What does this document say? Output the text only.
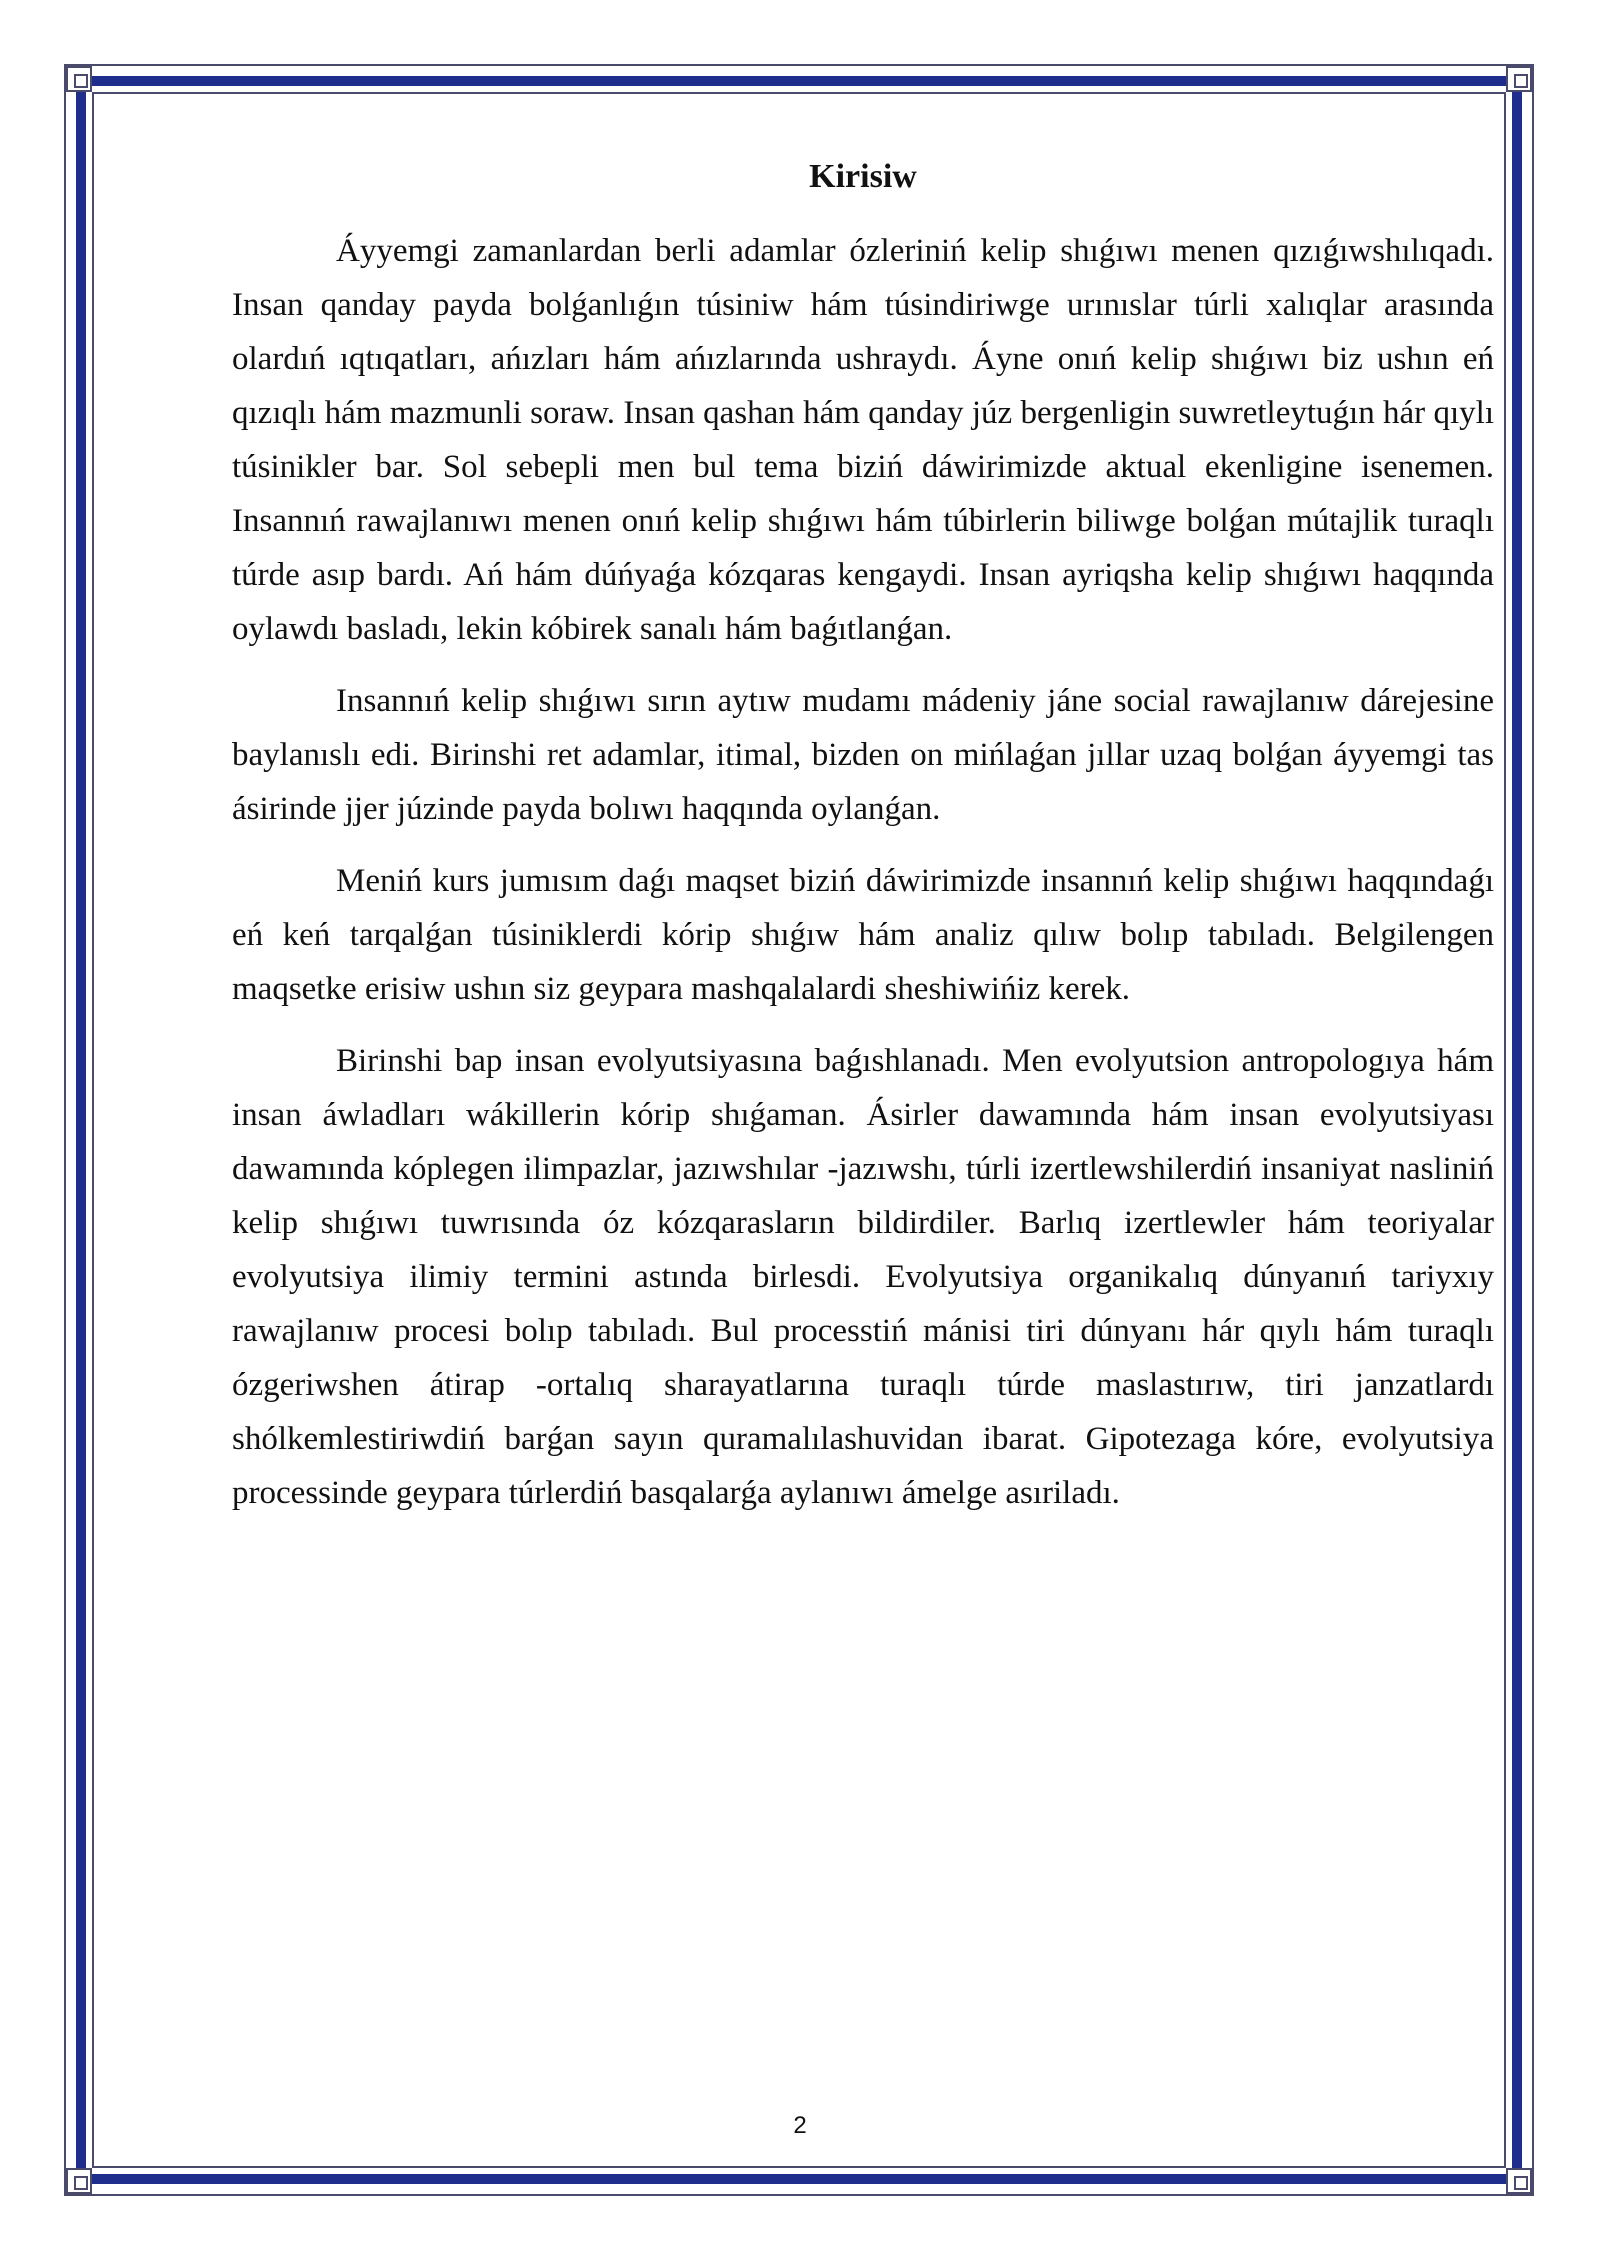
Kirisiw

Áyyemgi zamanlardan berli adamlar ózleriniń kelip shıǵıwı menen qızıǵıwshılıqadı. Insan qanday payda bolǵanlıǵın túsiniw hám túsindiriwge urınıslar túrli xalıqlar arasında olardıń ıqtıqatları, ańızları hám ańızlarında ushraydı. Áyne onıń kelip shıǵıwı biz ushın eń qızıqlı hám mazmunli soraw. Insan qashan hám qanday júz bergenligin suwretleytuǵın hár qıylı túsinikler bar. Sol sebepli men bul tema biziń dáwirimizde aktual ekenligine isenemen. Insannıń rawajlanıwı menen onıń kelip shıǵıwı hám túbirlerin biliwge bolǵan mútajlik turaqlı túrde asıp bardı. Ań hám dúńyaǵa kózqaras kengaydi. Insan ayriqsha kelip shıǵıwı haqqında oylawdı basladı, lekin kóbirek sanalı hám baǵıtlanǵan.

Insannıń kelip shıǵıwı sırın aytıw mudamı mádeniy jáne social rawajlanıw dárejesine baylanıslı edi. Birinshi ret adamlar, itimal, bizden on mińlaǵan jıllar uzaq bolǵan áyyemgi tas ásirinde jjer júzinde payda bolıwı haqqında oylanǵan.

Meniń kurs jumısım daǵı maqset biziń dáwirimizde insannıń kelip shıǵıwı haqqındaǵı eń keń tarqalǵan túsiniklerdi kórip shıǵıw hám analiz qılıw bolıp tabıladı. Belgilengen maqsetke erisiw ushın siz geypara mashqalalardi sheshiwińiz kerek.

Birinshi bap insan evolyutsiyasına baǵıshlanadı. Men evolyutsion antropologıya hám insan áwladları wákillerin kórip shıǵaman. Ásirler dawamında hám insan evolyutsiyası dawamında kóplegen ilimpazlar, jazıwshılar -jazıwshı, túrli izertlewshilerdiń insaniyat nasliniń kelip shıǵıwı tuwrısında óz kózqarasların bildirdiler. Barlıq izertlewler hám teoriyalar evolyutsiya ilimiy termini astında birlesdi. Evolyutsiya organikalıq dúnyanıń tariyxıy rawajlanıw procesi bolıp tabıladı. Bul processtiń mánisi tiri dúnyanı hár qıylı hám turaqlı ózgeriwshen átirap -ortalıq sharayatlarına turaqlı túrde maslastırıw, tiri janzatlardı shólkemlestiriwdiń barǵan sayın quramalılashuvidan ibarat. Gipotezaga kóre, evolyutsiya processinde geypara túrlerdiń basqalarǵa aylanıwı ámelge asıriladı.

2
